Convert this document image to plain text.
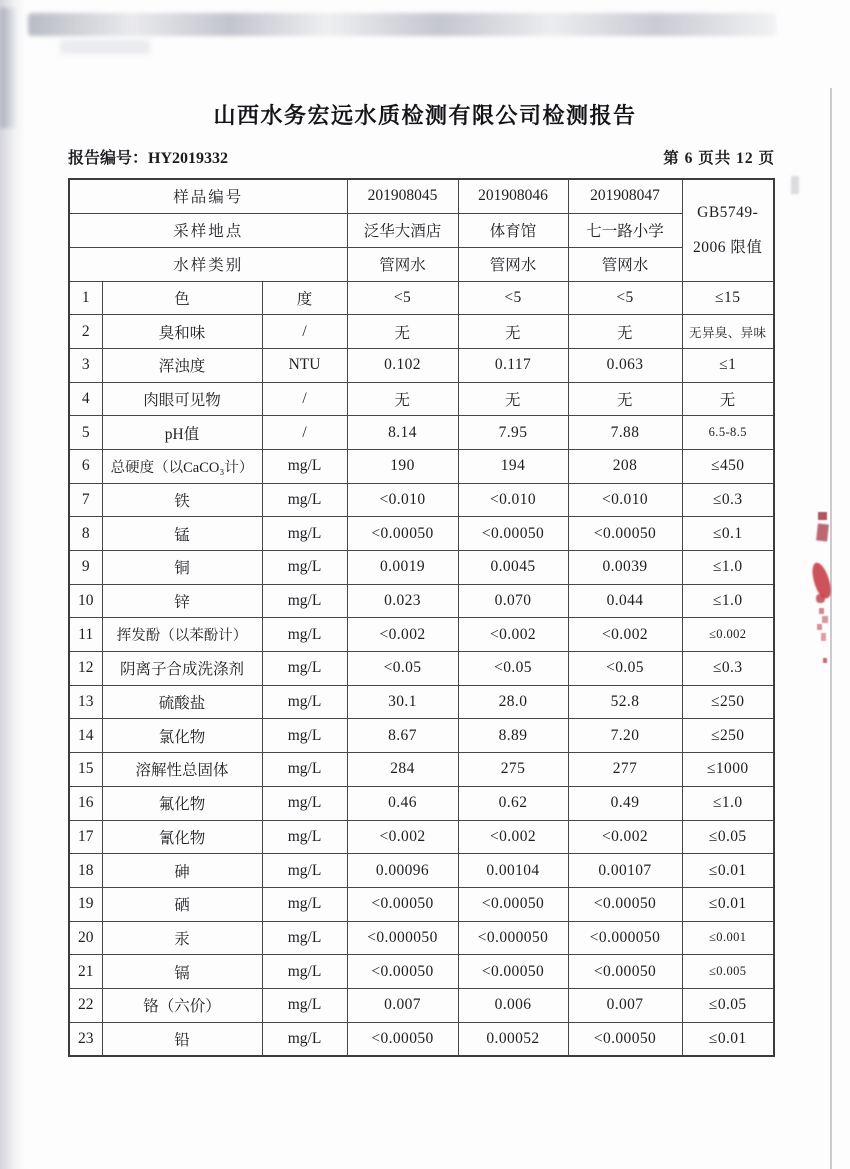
山西水务宏远水质检测有限公司检测报告
报告编号：HY2019332	第 6 页共 12 页
样品编号			201908045	201908046	201908047	GB5749-
2006 限值

采样地点			泛华大酒店	体育馆	七一路小学	
水样类别			管网水	管网水	管网水	
1	色	度	<5	<5	<5	≤15
2	臭和味	/	无	无	无	无异臭、异味
3	浑浊度	NTU	0.102	0.117	0.063	≤1
4	肉眼可见物	/	无	无	无	无
5	pH值	/	8.14	7.95	7.88	6.5-8.5
6	总硬度（以CaCO₃计）	mg/L	190	194	208	≤450
7	铁	mg/L	<0.010	<0.010	<0.010	≤0.3
8	锰	mg/L	<0.00050	<0.00050	<0.00050	≤0.1
9	铜	mg/L	0.0019	0.0045	0.0039	≤1.0
10	锌	mg/L	0.023	0.070	0.044	≤1.0
11	挥发酚（以苯酚计）	mg/L	<0.002	<0.002	<0.002	≤0.002
12	阴离子合成洗涤剂	mg/L	<0.05	<0.05	<0.05	≤0.3
13	硫酸盐	mg/L	30.1	28.0	52.8	≤250
14	氯化物	mg/L	8.67	8.89	7.20	≤250
15	溶解性总固体	mg/L	284	275	277	≤1000
16	氟化物	mg/L	0.46	0.62	0.49	≤1.0
17	氰化物	mg/L	<0.002	<0.002	<0.002	≤0.05
18	砷	mg/L	0.00096	0.00104	0.00107	≤0.01
19	硒	mg/L	<0.00050	<0.00050	<0.00050	≤0.01
20	汞	mg/L	<0.000050	<0.000050	<0.000050	≤0.001
21	镉	mg/L	<0.00050	<0.00050	<0.00050	≤0.005
22	铬（六价）	mg/L	0.007	0.006	0.007	≤0.05
23	铅	mg/L	<0.00050	0.00052	<0.00050	≤0.01
